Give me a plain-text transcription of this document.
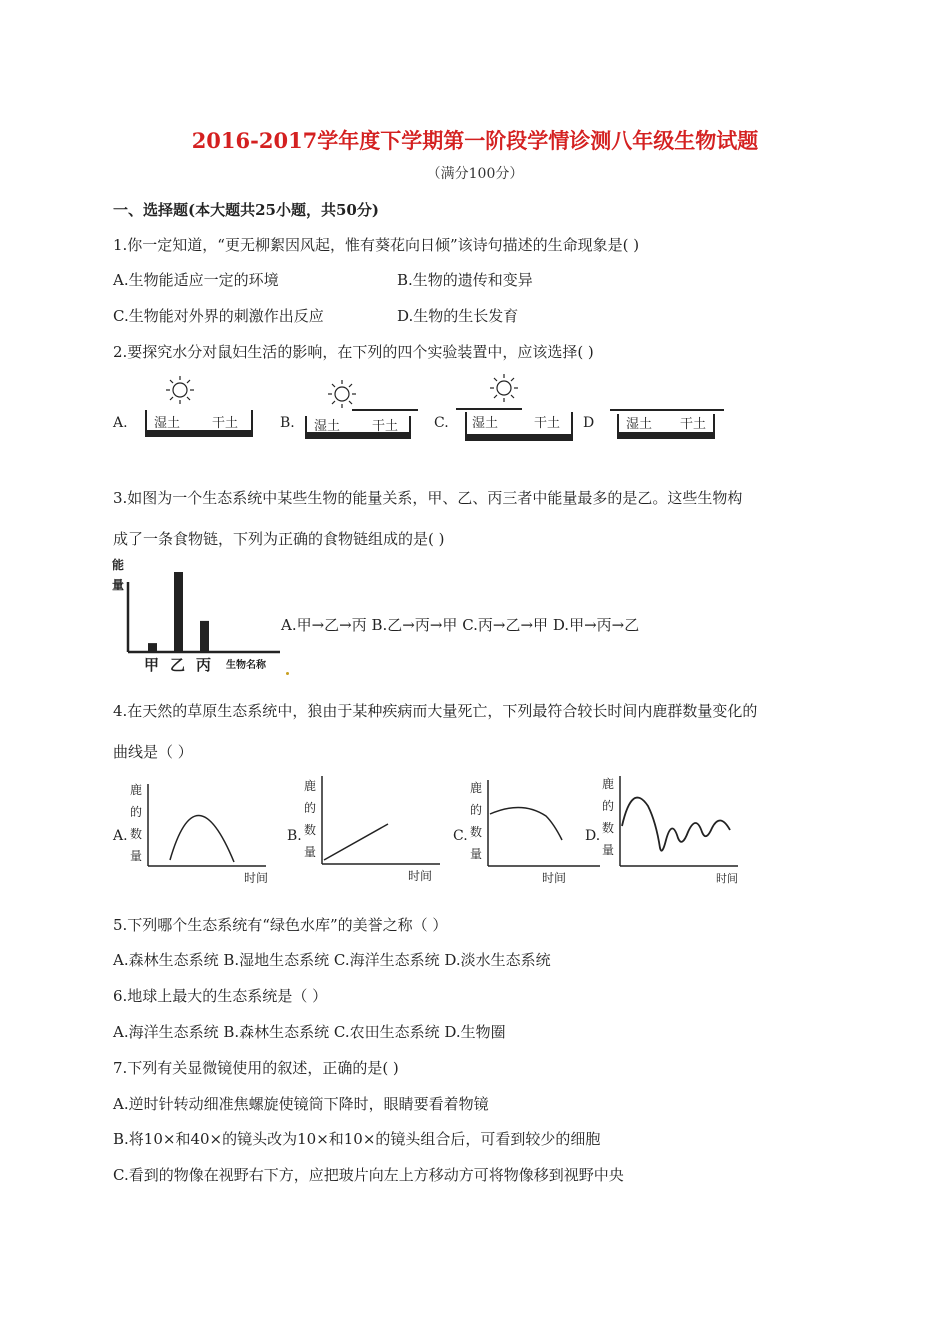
2016-2017学年度下学期第一阶段学情诊测八年级生物试题
（满分100分）
一、选择题(本大题共25小题，共50分)
1.你一定知道，“更无柳絮因风起，惟有葵花向日倾”该诗句描述的生命现象是( )
A.生物能适应一定的环境	B.生物的遗传和变异
C.生物能对外界的刺激作出反应	D.生物的生长发育
2.要探究水分对鼠妇生活的影响，在下列的四个实验装置中，应该选择( )
A. 湿土 干土	B. 湿土 干土	C. 湿土	干土 D 湿土 干土
3.如图为一个生态系统中某些生物的能量关系，甲、乙、丙三者中能量最多的是乙。这些生物构
成了一条食物链，下列为正确的食物链组成的是( )
能
量
甲 乙 丙 生物名称
A.甲→乙→丙 B.乙→丙→甲 C.丙→乙→甲 D.甲→丙→乙
4.在天然的草原生态系统中，狼由于某种疾病而大量死亡，下列最符合较长时间内鹿群数量变化的
曲线是（ ）
A.
鹿
的
数
量
时间
B.
鹿
的
数
量
时间
C.
鹿
的
数
量
时间
D.
鹿
的
数
量
时间
5.下列哪个生态系统有“绿色水库”的美誉之称（ ）
A.森林生态系统 B.湿地生态系统 C.海洋生态系统 D.淡水生态系统
6.地球上最大的生态系统是（ ）
A.海洋生态系统 B.森林生态系统 C.农田生态系统 D.生物圈
7.下列有关显微镜使用的叙述，正确的是( )
A.逆时针转动细准焦螺旋使镜筒下降时，眼睛要看着物镜
B.将10×和40×的镜头改为10×和10×的镜头组合后，可看到较少的细胞
C.看到的物像在视野右下方，应把玻片向左上方移动方可将物像移到视野中央
